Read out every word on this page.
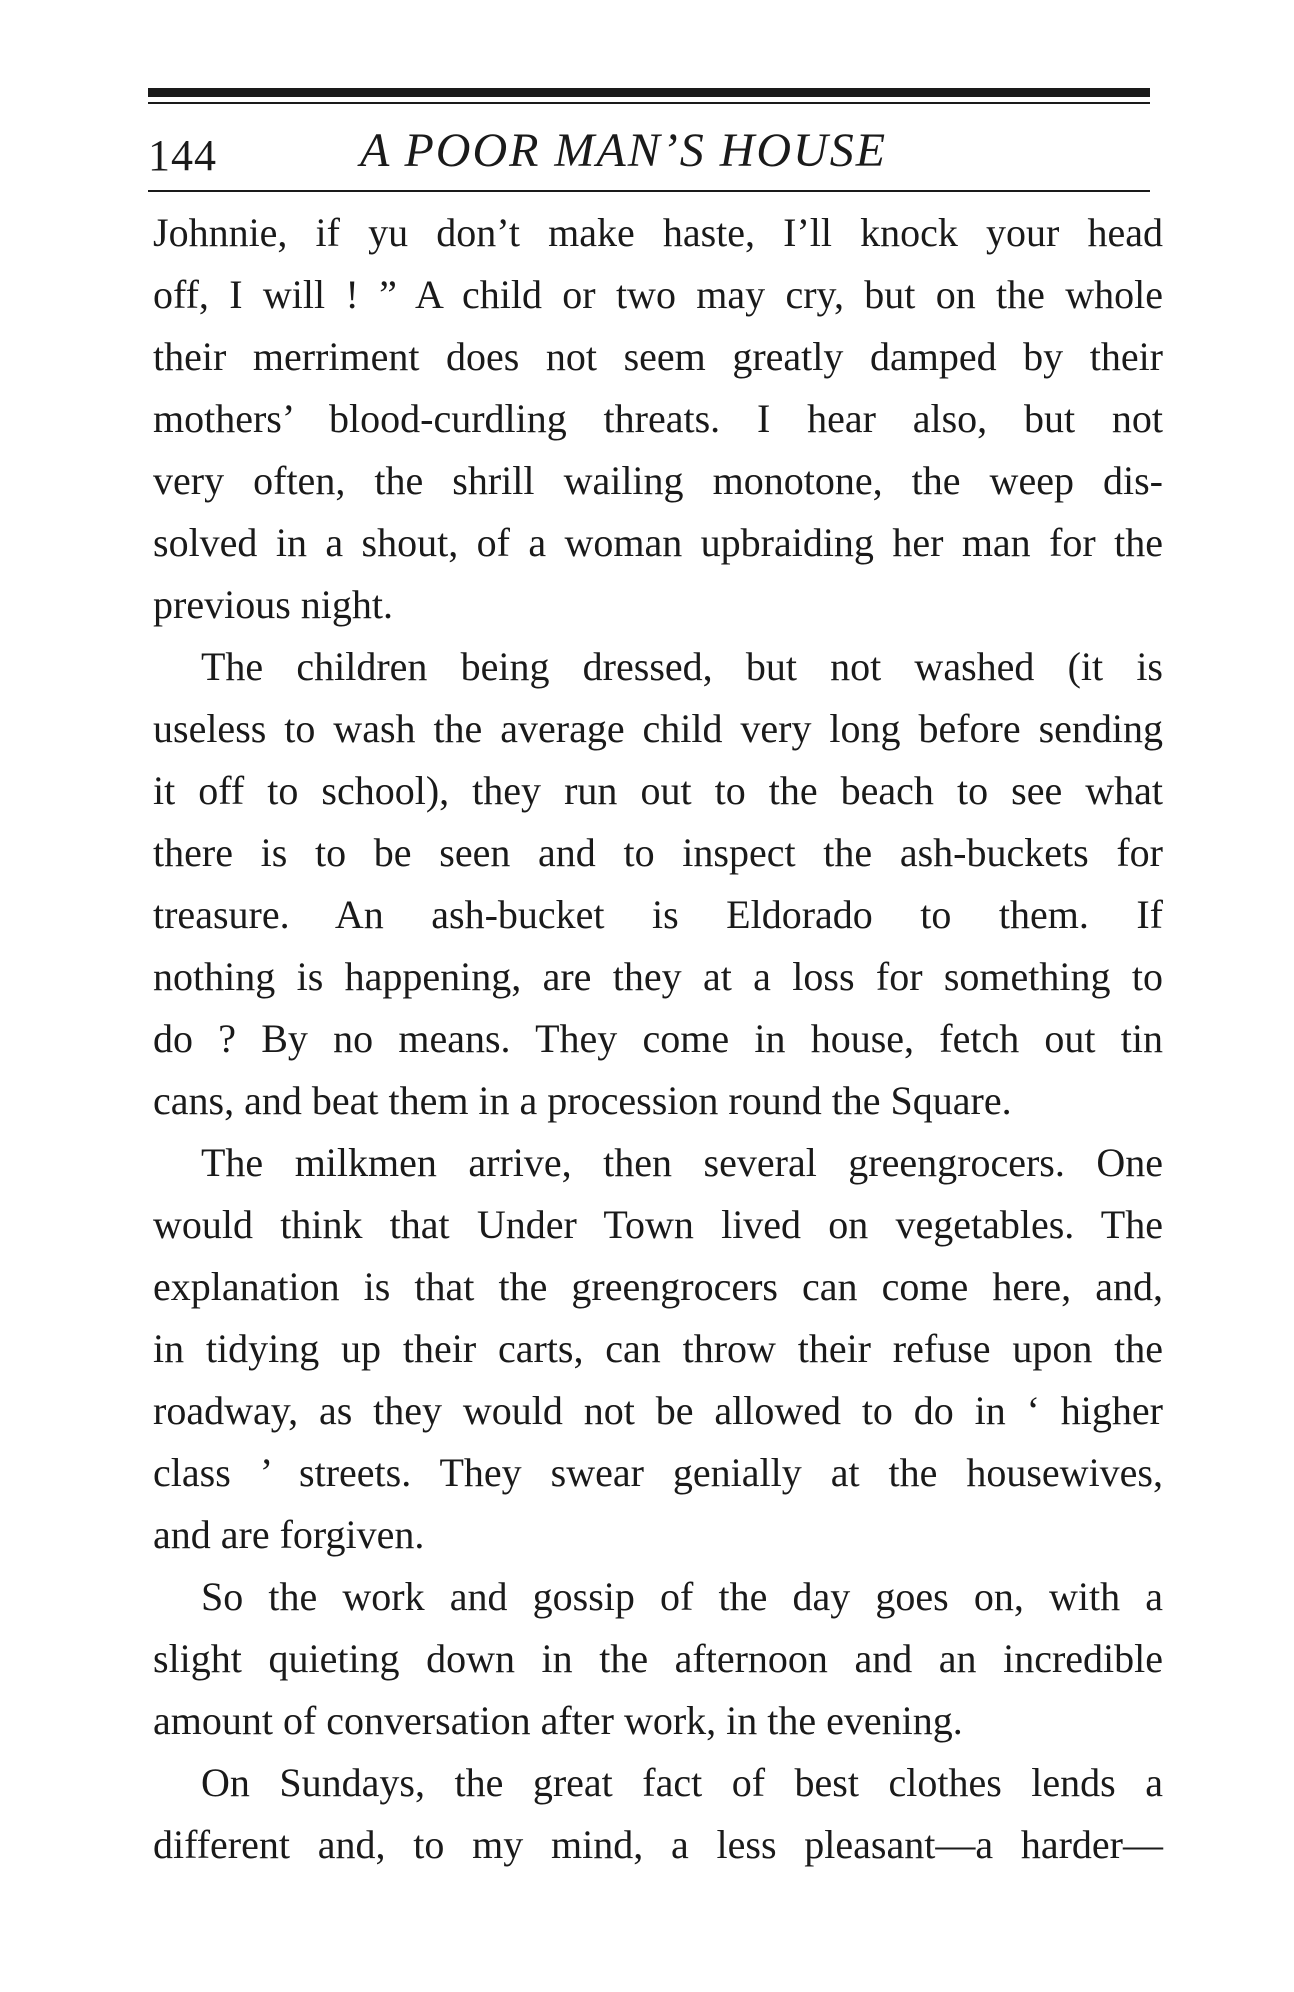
144	A POOR MAN’S HOUSE
Johnnie, if yu don’t make haste, I’ll knock your head
off, I will ! ” A child or two may cry, but on the whole
their merriment does not seem greatly damped by their
mothers’ blood-curdling threats. I hear also, but not
very often, the shrill wailing monotone, the weep dis-
solved in a shout, of a woman upbraiding her man for the
previous night.
The children being dressed, but not washed (it is
useless to wash the average child very long before sending
it off to school), they run out to the beach to see what
there is to be seen and to inspect the ash-buckets for
treasure. An ash-bucket is Eldorado to them. If
nothing is happening, are they at a loss for something to
do ? By no means. They come in house, fetch out tin
cans, and beat them in a procession round the Square.
The milkmen arrive, then several greengrocers. One
would think that Under Town lived on vegetables. The
explanation is that the greengrocers can come here, and,
in tidying up their carts, can throw their refuse upon the
roadway, as they would not be allowed to do in ‘ higher
class ’ streets. They swear genially at the housewives,
and are forgiven.
So the work and gossip of the day goes on, with a
slight quieting down in the afternoon and an incredible
amount of conversation after work, in the evening.
On Sundays, the great fact of best clothes lends a
different and, to my mind, a less pleasant—a harder—
